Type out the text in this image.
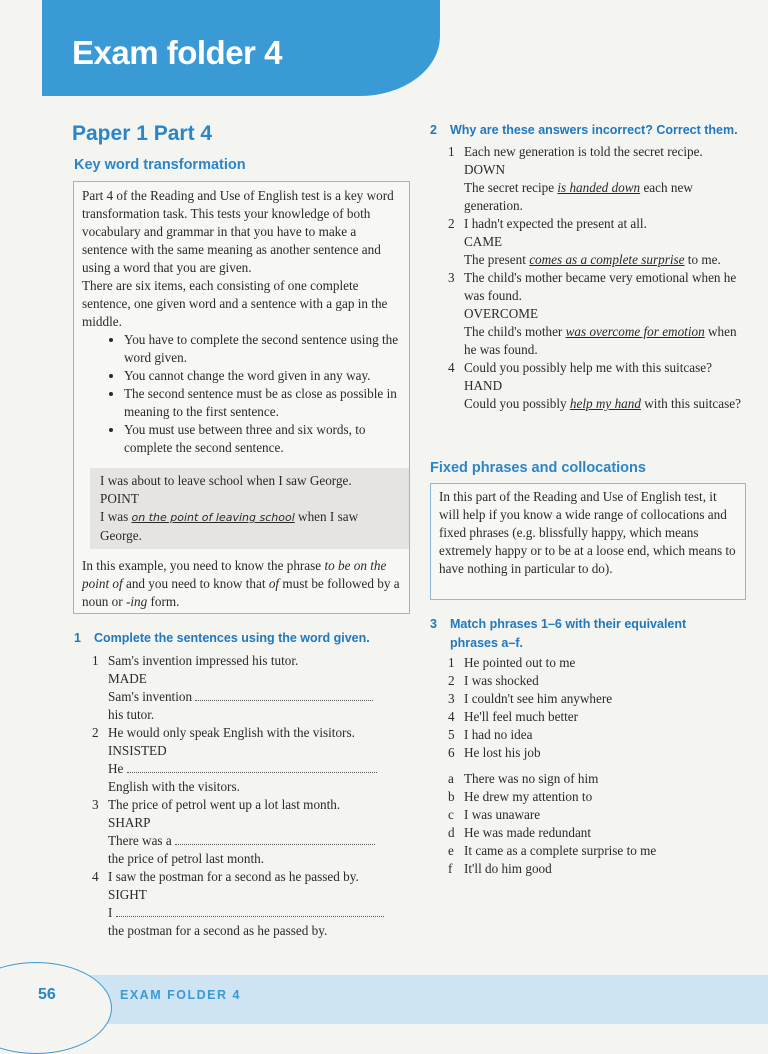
Exam folder 4
Paper 1 Part 4
Key word transformation

Part 4 of the Reading and Use of English test is a key word transformation task. This tests your knowledge of both vocabulary and grammar in that you have to make a sentence with the same meaning as another sentence and using a word that you are given.

There are six items, each consisting of one complete sentence, one given word and a sentence with a gap in the middle.

• You have to complete the second sentence using the word given.
• You cannot change the word given in any way.
• The second sentence must be as close as possible in meaning to the first sentence.
• You must use between three and six words, to complete the second sentence.
I was about to leave school when I saw George.
POINT
I was on the point of leaving school when I saw George.

In this example, you need to know the phrase to be on the point of and you need to know that of must be followed by a noun or -ing form.

1 Complete the sentences using the word given.
1 Sam's invention impressed his tutor.
MADE
Sam's invention
his tutor.
2 He would only speak English with the visitors.
INSISTED
He
English with the visitors.
3 The price of petrol went up a lot last month.
SHARP
There was a
the price of petrol last month.
4 I saw the postman for a second as he passed by.
SIGHT
I
the postman for a second as he passed by.
2 Why are these answers incorrect? Correct them.
1 Each new generation is told the secret recipe.
DOWN
The secret recipe is handed down each new generation.
2 I hadn't expected the present at all.
CAME
The present comes as a complete surprise to me.
3 The child's mother became very emotional when he was found.
OVERCOME
The child's mother was overcome for emotion when he was found.
4 Could you possibly help me with this suitcase?
HAND
Could you possibly help my hand with this suitcase?
Fixed phrases and collocations

In this part of the Reading and Use of English test, it will help if you know a wide range of collocations and fixed phrases (e.g. blissfully happy, which means extremely happy or to be at a loose end, which means to have nothing in particular to do).

3 Match phrases 1–6 with their equivalent
phrases a–f.
1 He pointed out to me
2 I was shocked
3 I couldn't see him anywhere
4 He'll feel much better
5 I had no idea
6 He lost his job
a There was no sign of him
b He drew my attention to
c I was unaware
d He was made redundant
e It came as a complete surprise to me
f It'll do him good
56	EXAM FOLDER 4
